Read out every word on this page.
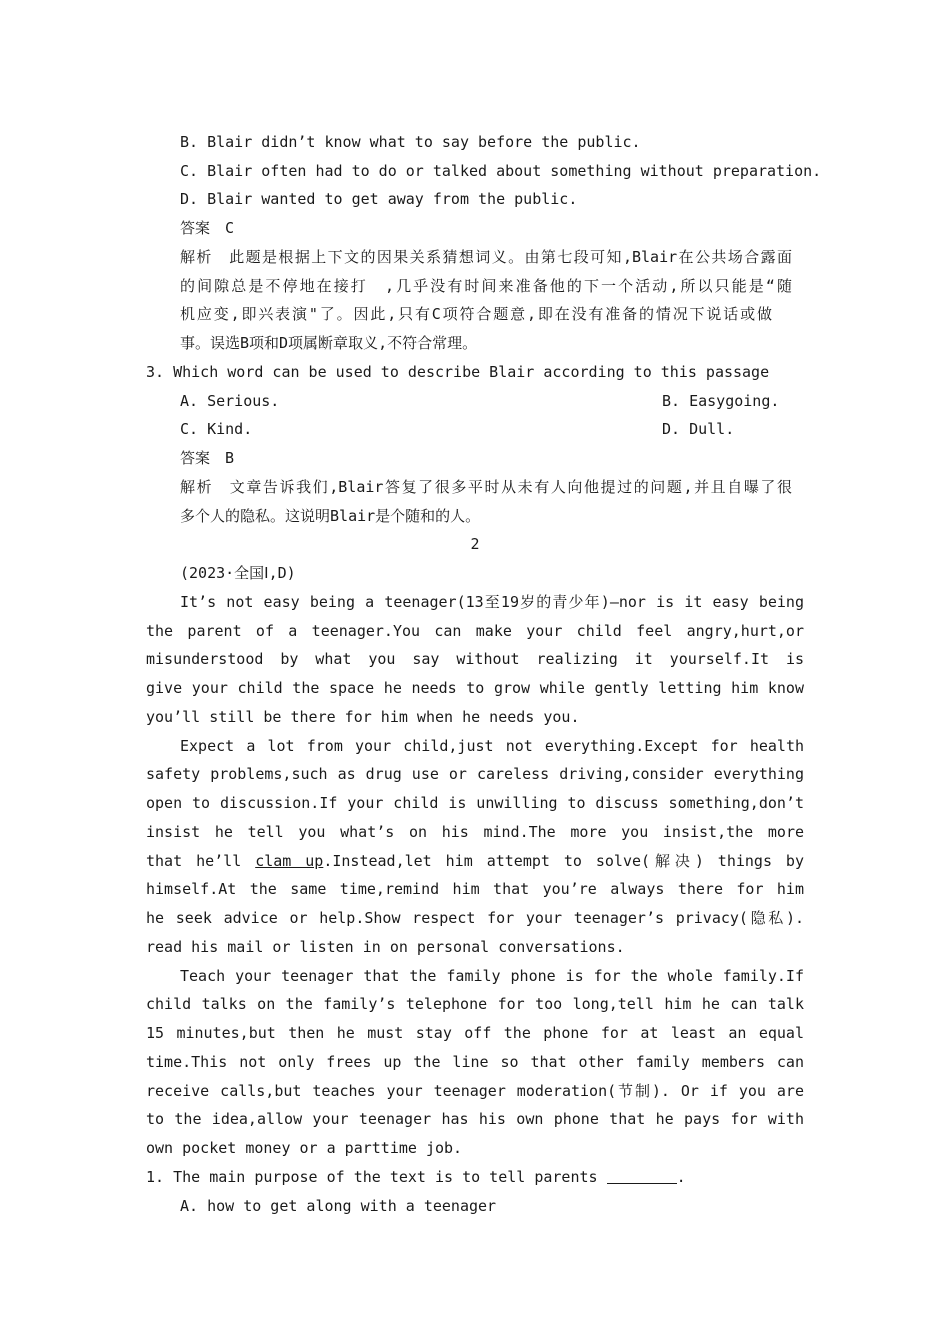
B. Blair didn’t know what to say before the public.
C. Blair often had to do or talked about something without preparation.
D. Blair wanted to get away from the public.
答案　C
解析　此题是根据上下文的因果关系猜想词义。由第七段可知,Blair在公共场合露面
的间隙总是不停地在接打　,几乎没有时间来准备他的下一个活动,所以只能是“随
机应变,即兴表演"了。因此,只有C项符合题意,即在没有准备的情况下说话或做
事。误选B项和D项属断章取义,不符合常理。
3. Which word can be used to describe Blair according to this passage
A. Serious.	B. Easygoing.
C. Kind.	D. Dull.
答案　B
解析　文章告诉我们,Blair答复了很多平时从未有人向他提过的问题,并且自曝了很
多个人的隐私。这说明Blair是个随和的人。
2
(2023·全国Ⅰ,D)
It’s not easy being a teenager(13至19岁的青少年)—nor is it easy being
the parent of a teenager.You can make your child feel angry,hurt,or
misunderstood by what you say without realizing it yourself.It is
give your child the space he needs to grow while gently letting him know
you’ll still be there for him when he needs you.
Expect a lot from your child,just not everything.Except for health
safety problems,such as drug use or careless driving,consider everything
open to discussion.If your child is unwilling to discuss something,don’t
insist he tell you what’s on his mind.The more you insist,the more
that he’ll clam up.Instead,let him attempt to solve(解决) things by
himself.At the same time,remind him that you’re always there for him
he seek advice or help.Show respect for your teenager’s privacy(隐私).
read his mail or listen in on personal conversations.
Teach your teenager that the family phone is for the whole family.If
child talks on the family’s telephone for too long,tell him he can talk
15 minutes,but then he must stay off the phone for at least an equal
time.This not only frees up the line so that other family members can
receive calls,but teaches your teenager moderation(节制). Or if you are
to the idea,allow your teenager has his own phone that he pays for with
own pocket money or a parttime job.
1. The main purpose of the text is to tell parents	.
A. how to get along with a teenager
